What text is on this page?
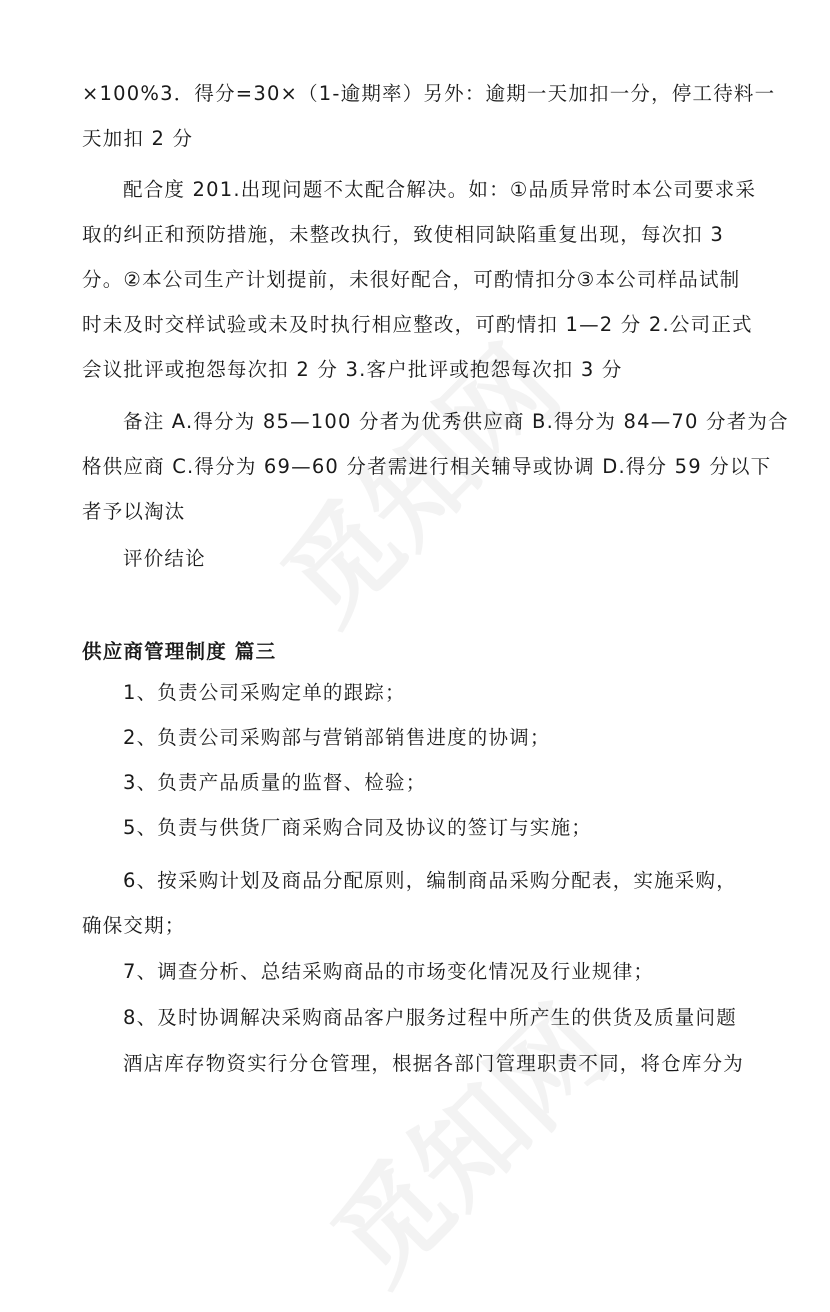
×100%3．得分=30×（1-逾期率）另外：逾期一天加扣一分，停工待料一
天加扣 2 分
配合度 201.出现问题不太配合解决。如：①品质异常时本公司要求采
取的纠正和预防措施，未整改执行，致使相同缺陷重复出现，每次扣 3
分。②本公司生产计划提前，未很好配合，可酌情扣分③本公司样品试制
时未及时交样试验或未及时执行相应整改，可酌情扣 1—2 分 2.公司正式
会议批评或抱怨每次扣 2 分 3.客户批评或抱怨每次扣 3 分
备注 A.得分为 85—100 分者为优秀供应商 B.得分为 84—70 分者为合
格供应商 C.得分为 69—60 分者需进行相关辅导或协调 D.得分 59 分以下
者予以淘汰
评价结论
供应商管理制度 篇三
1、负责公司采购定单的跟踪；
2、负责公司采购部与营销部销售进度的协调；
3、负责产品质量的监督、检验；
5、负责与供货厂商采购合同及协议的签订与实施；
6、按采购计划及商品分配原则，编制商品采购分配表，实施采购，
确保交期；
7、调查分析、总结采购商品的市场变化情况及行业规律；
8、及时协调解决采购商品客户服务过程中所产生的供货及质量问题
酒店库存物资实行分仓管理，根据各部门管理职责不同，将仓库分为
